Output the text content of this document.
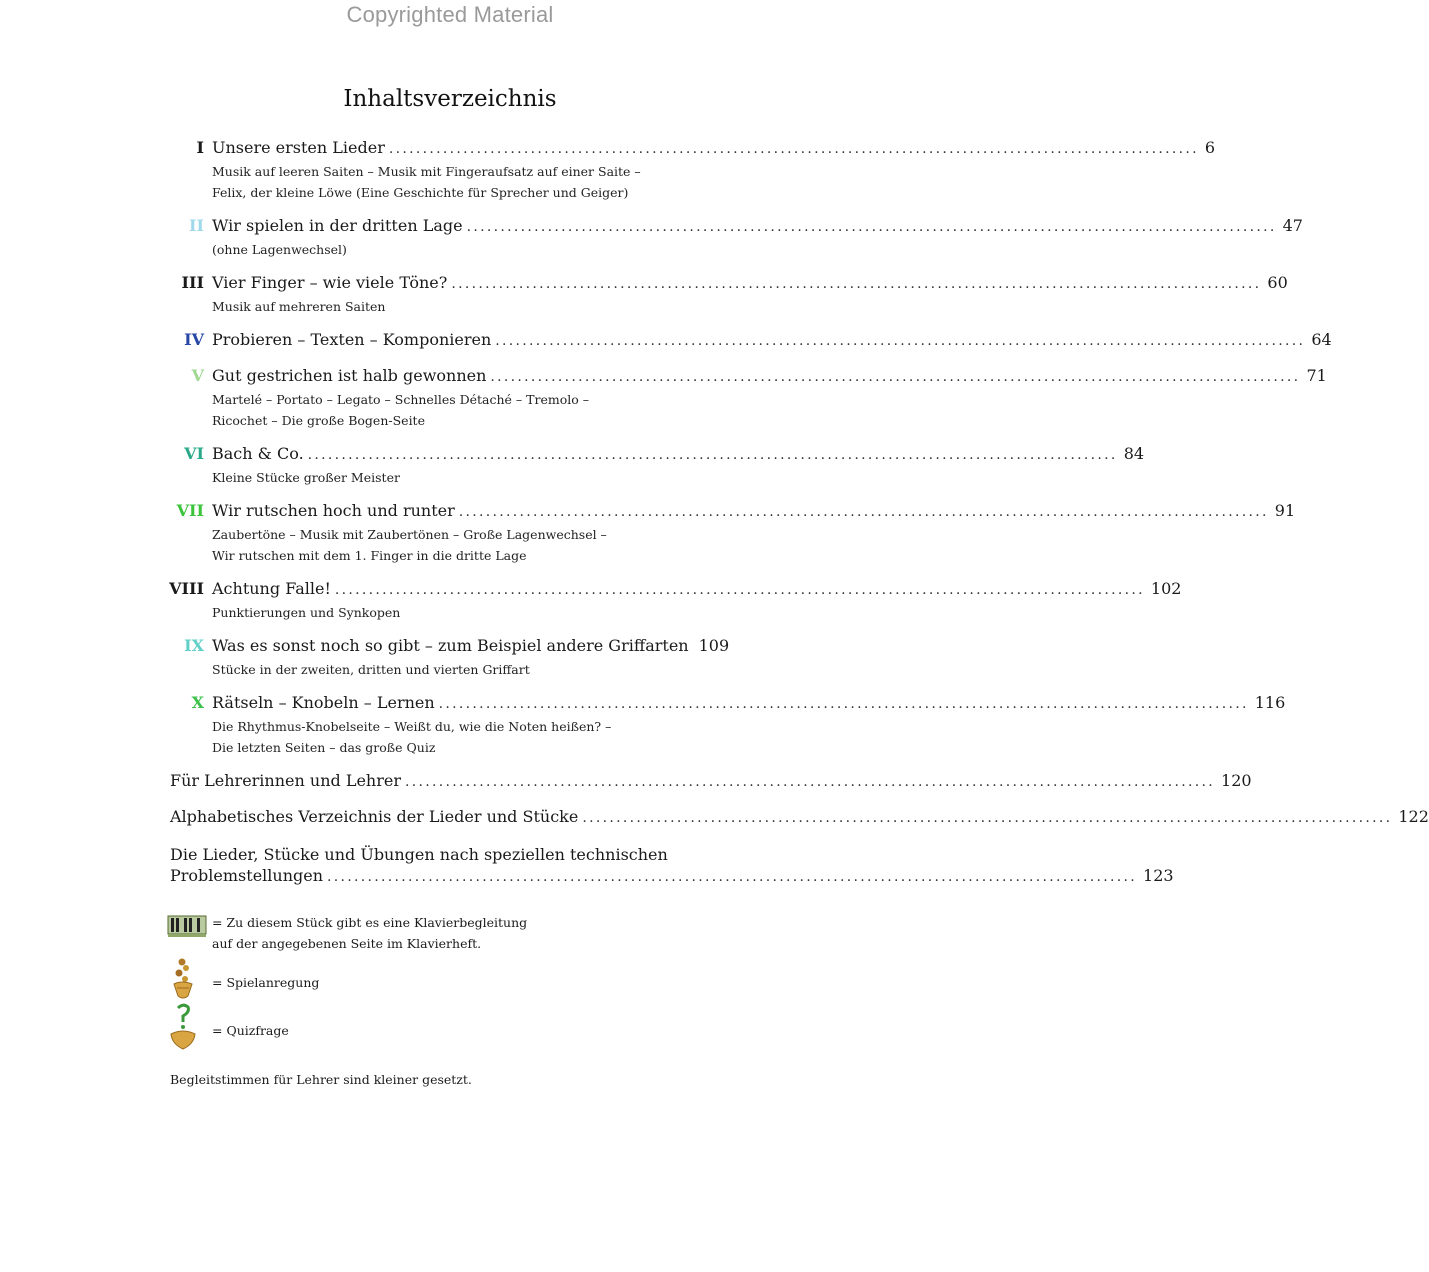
Copyrighted Material
Inhaltsverzeichnis
I Unsere ersten Lieder ........................................................................................................................ 6
Musik auf leeren Saiten – Musik mit Fingeraufsatz auf einer Saite –
Felix, der kleine Löwe (Eine Geschichte für Sprecher und Geiger)
II Wir spielen in der dritten Lage ........................................................................................................................ 47
(ohne Lagenwechsel)
III Vier Finger – wie viele Töne? ........................................................................................................................ 60
Musik auf mehreren Saiten
IV Probieren – Texten – Komponieren ........................................................................................................................ 64
V Gut gestrichen ist halb gewonnen ........................................................................................................................ 71
Martelé – Portato – Legato – Schnelles Détaché – Tremolo –
Ricochet – Die große Bogen-Seite
VI Bach & Co. ........................................................................................................................ 84
Kleine Stücke großer Meister
VII Wir rutschen hoch und runter ........................................................................................................................ 91
Zaubertöne – Musik mit Zaubertönen – Große Lagenwechsel –
Wir rutschen mit dem 1. Finger in die dritte Lage
VIII Achtung Falle! ........................................................................................................................ 102
Punktierungen und Synkopen
IX Was es sonst noch so gibt – zum Beispiel andere Griffarten 109
Stücke in der zweiten, dritten und vierten Griffart
X Rätseln – Knobeln – Lernen ........................................................................................................................ 116
Die Rhythmus-Knobelseite – Weißt du, wie die Noten heißen? –
Die letzten Seiten – das große Quiz
Für Lehrerinnen und Lehrer ........................................................................................................................ 120
Alphabetisches Verzeichnis der Lieder und Stücke ........................................................................................................................ 122
Die Lieder, Stücke und Übungen nach speziellen technischen
Problemstellungen ........................................................................................................................ 123
= Zu diesem Stück gibt es eine Klavierbegleitung
auf der angegebenen Seite im Klavierheft.
= Spielanregung
= Quizfrage
Begleitstimmen für Lehrer sind kleiner gesetzt.
